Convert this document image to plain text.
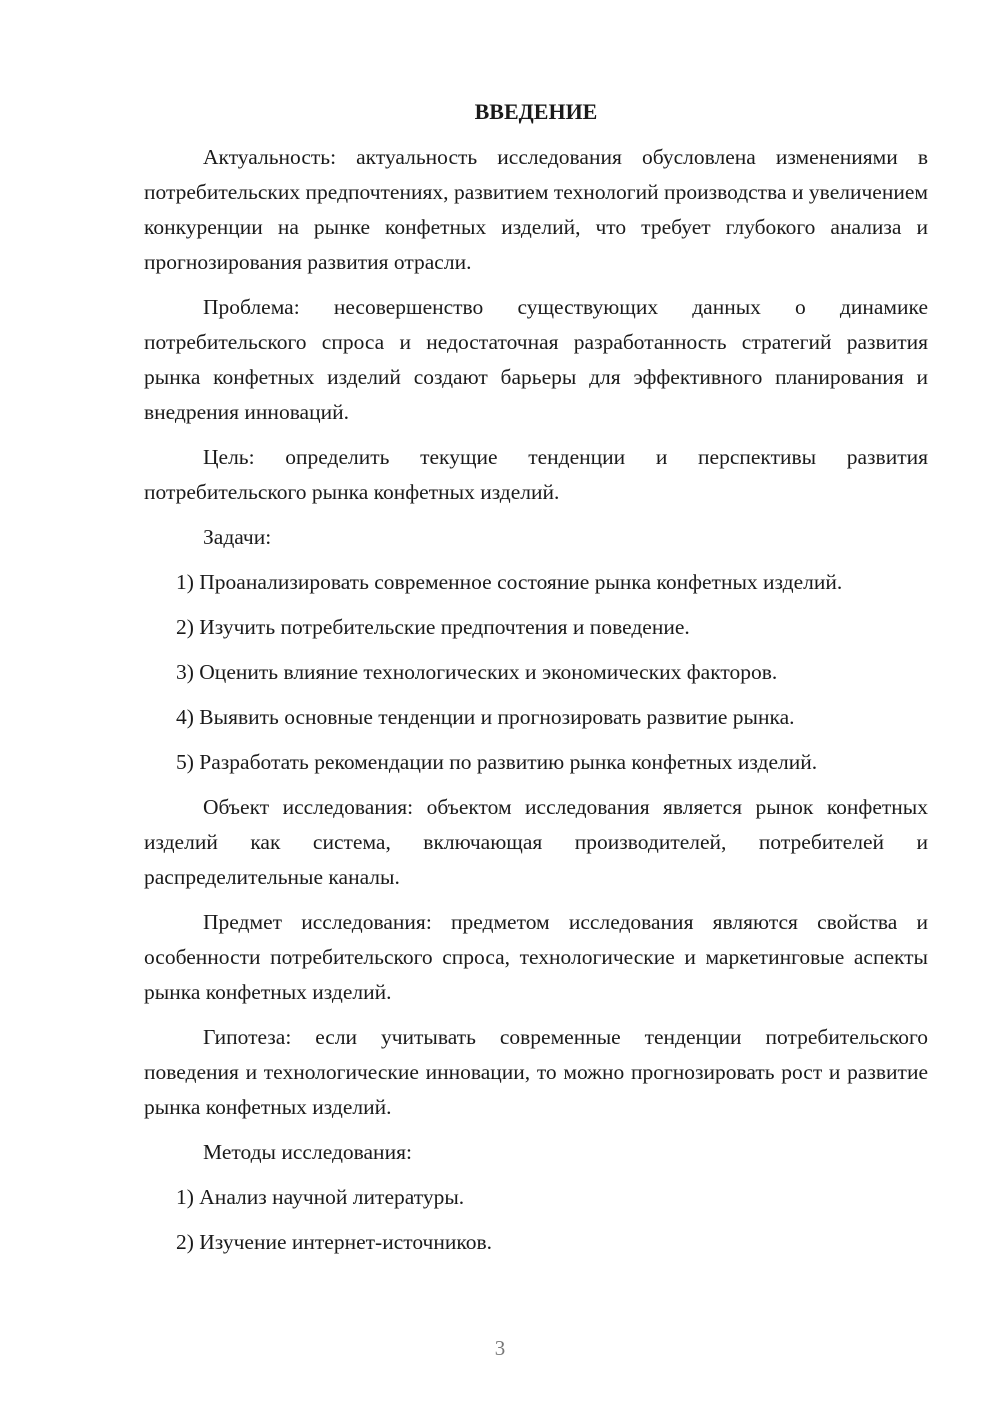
ВВЕДЕНИЕ

Актуальность: актуальность исследования обусловлена изменениями в потребительских предпочтениях, развитием технологий производства и увеличением конкуренции на рынке конфетных изделий, что требует глубокого анализа и прогнозирования развития отрасли.

Проблема: несовершенство существующих данных о динамике потребительского спроса и недостаточная разработанность стратегий развития рынка конфетных изделий создают барьеры для эффективного планирования и внедрения инноваций.

Цель: определить текущие тенденции и перспективы развития потребительского рынка конфетных изделий.

Задачи:

1) Проанализировать современное состояние рынка конфетных изделий.

2) Изучить потребительские предпочтения и поведение.

3) Оценить влияние технологических и экономических факторов.

4) Выявить основные тенденции и прогнозировать развитие рынка.

5) Разработать рекомендации по развитию рынка конфетных изделий.

Объект исследования: объектом исследования является рынок конфетных изделий как система, включающая производителей, потребителей и распределительные каналы.

Предмет исследования: предметом исследования являются свойства и особенности потребительского спроса, технологические и маркетинговые аспекты рынка конфетных изделий.

Гипотеза: если учитывать современные тенденции потребительского поведения и технологические инновации, то можно прогнозировать рост и развитие рынка конфетных изделий.

Методы исследования:

1) Анализ научной литературы.

2) Изучение интернет-источников.

3
